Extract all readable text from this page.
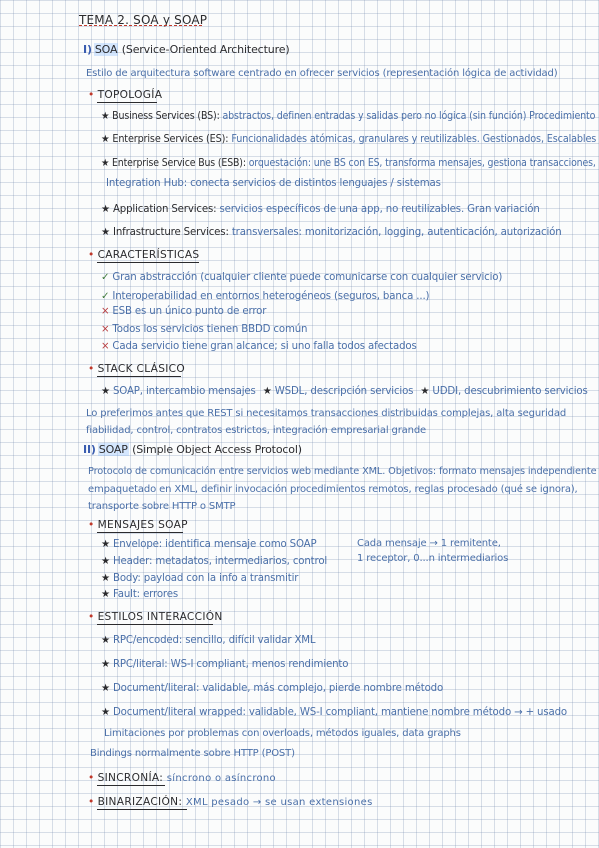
TEMA 2. SOA y SOAP
I) SOA (Service-Oriented Architecture)
Estilo de arquitectura software centrado en ofrecer servicios (representación lógica de actividad)
• TOPOLOGÍA
★ Business Services (BS): abstractos, definen entradas y salidas pero no lógica (sin función) Procedimiento
★ Enterprise Services (ES): Funcionalidades atómicas, granulares y reutilizables. Gestionados, Escalables
★ Enterprise Service Bus (ESB): orquestación: une BS con ES, transforma mensajes, gestiona transacciones,
Integration Hub: conecta servicios de distintos lenguajes / sistemas
★ Application Services: servicios específicos de una app, no reutilizables. Gran variación
★ Infrastructure Services: transversales: monitorización, logging, autenticación, autorización
• CARACTERÍSTICAS
✓ Gran abstracción (cualquier cliente puede comunicarse con cualquier servicio)
✓ Interoperabilidad en entornos heterogéneos (seguros, banca ...)
× ESB es un único punto de error
× Todos los servicios tienen BBDD común
× Cada servicio tiene gran alcance; si uno falla todos afectados
• STACK CLÁSICO
★ SOAP, intercambio mensajes ★ WSDL, descripción servicios ★ UDDI, descubrimiento servicios
Lo preferimos antes que REST si necesitamos transacciones distribuidas complejas, alta seguridad
fiabilidad, control, contratos estrictos, integración empresarial grande
II) SOAP (Simple Object Access Protocol)
Protocolo de comunicación entre servicios web mediante XML. Objetivos: formato mensajes independiente
empaquetado en XML, definir invocación procedimientos remotos, reglas procesado (qué se ignora),
transporte sobre HTTP o SMTP
• MENSAJES SOAP
★ Envelope: identifica mensaje como SOAP
★ Header: metadatos, intermediarios, control
★ Body: payload con la info a transmitir
★ Fault: errores
Cada mensaje → 1 remitente,
1 receptor, 0...n intermediarios
• ESTILOS INTERACCIÓN
★ RPC/encoded: sencillo, difícil validar XML
★ RPC/literal: WS-I compliant, menos rendimiento
★ Document/literal: validable, más complejo, pierde nombre método
★ Document/literal wrapped: validable, WS-I compliant, mantiene nombre método → + usado
Limitaciones por problemas con overloads, métodos iguales, data graphs
Bindings normalmente sobre HTTP (POST)
• SINCRONÍA: síncrono o asíncrono
• BINARIZACIÓN: XML pesado → se usan extensiones
